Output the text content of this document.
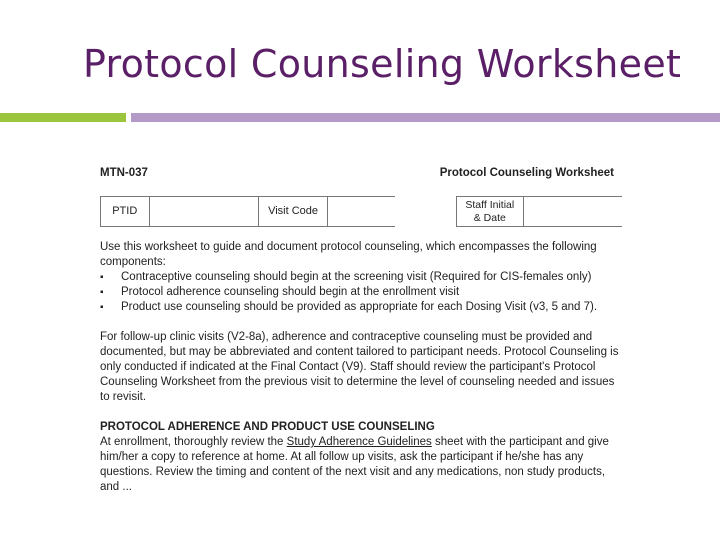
Protocol Counseling Worksheet
MTN-037	Protocol Counseling Worksheet
PTID	Visit Code
Staff Initial
& Date

Use this worksheet to guide and document protocol counseling, which encompasses the following components:

▪ Contraceptive counseling should begin at the screening visit (Required for CIS-females only)
▪ Protocol adherence counseling should begin at the enrollment visit
▪ Product use counseling should be provided as appropriate for each Dosing Visit (v3, 5 and 7).

For follow-up clinic visits (V2-8a), adherence and contraceptive counseling must be provided and documented, but may be abbreviated and content tailored to participant needs. Protocol Counseling is only conducted if indicated at the Final Contact (V9). Staff should review the participant's Protocol Counseling Worksheet from the previous visit to determine the level of counseling needed and issues to revisit.

PROTOCOL ADHERENCE AND PRODUCT USE COUNSELING

At enrollment, thoroughly review the Study Adherence Guidelines sheet with the participant and give him/her a copy to reference at home. At all follow up visits, ask the participant if he/she has any questions. Review the timing and content of the next visit and any medications, non study products, and ...
